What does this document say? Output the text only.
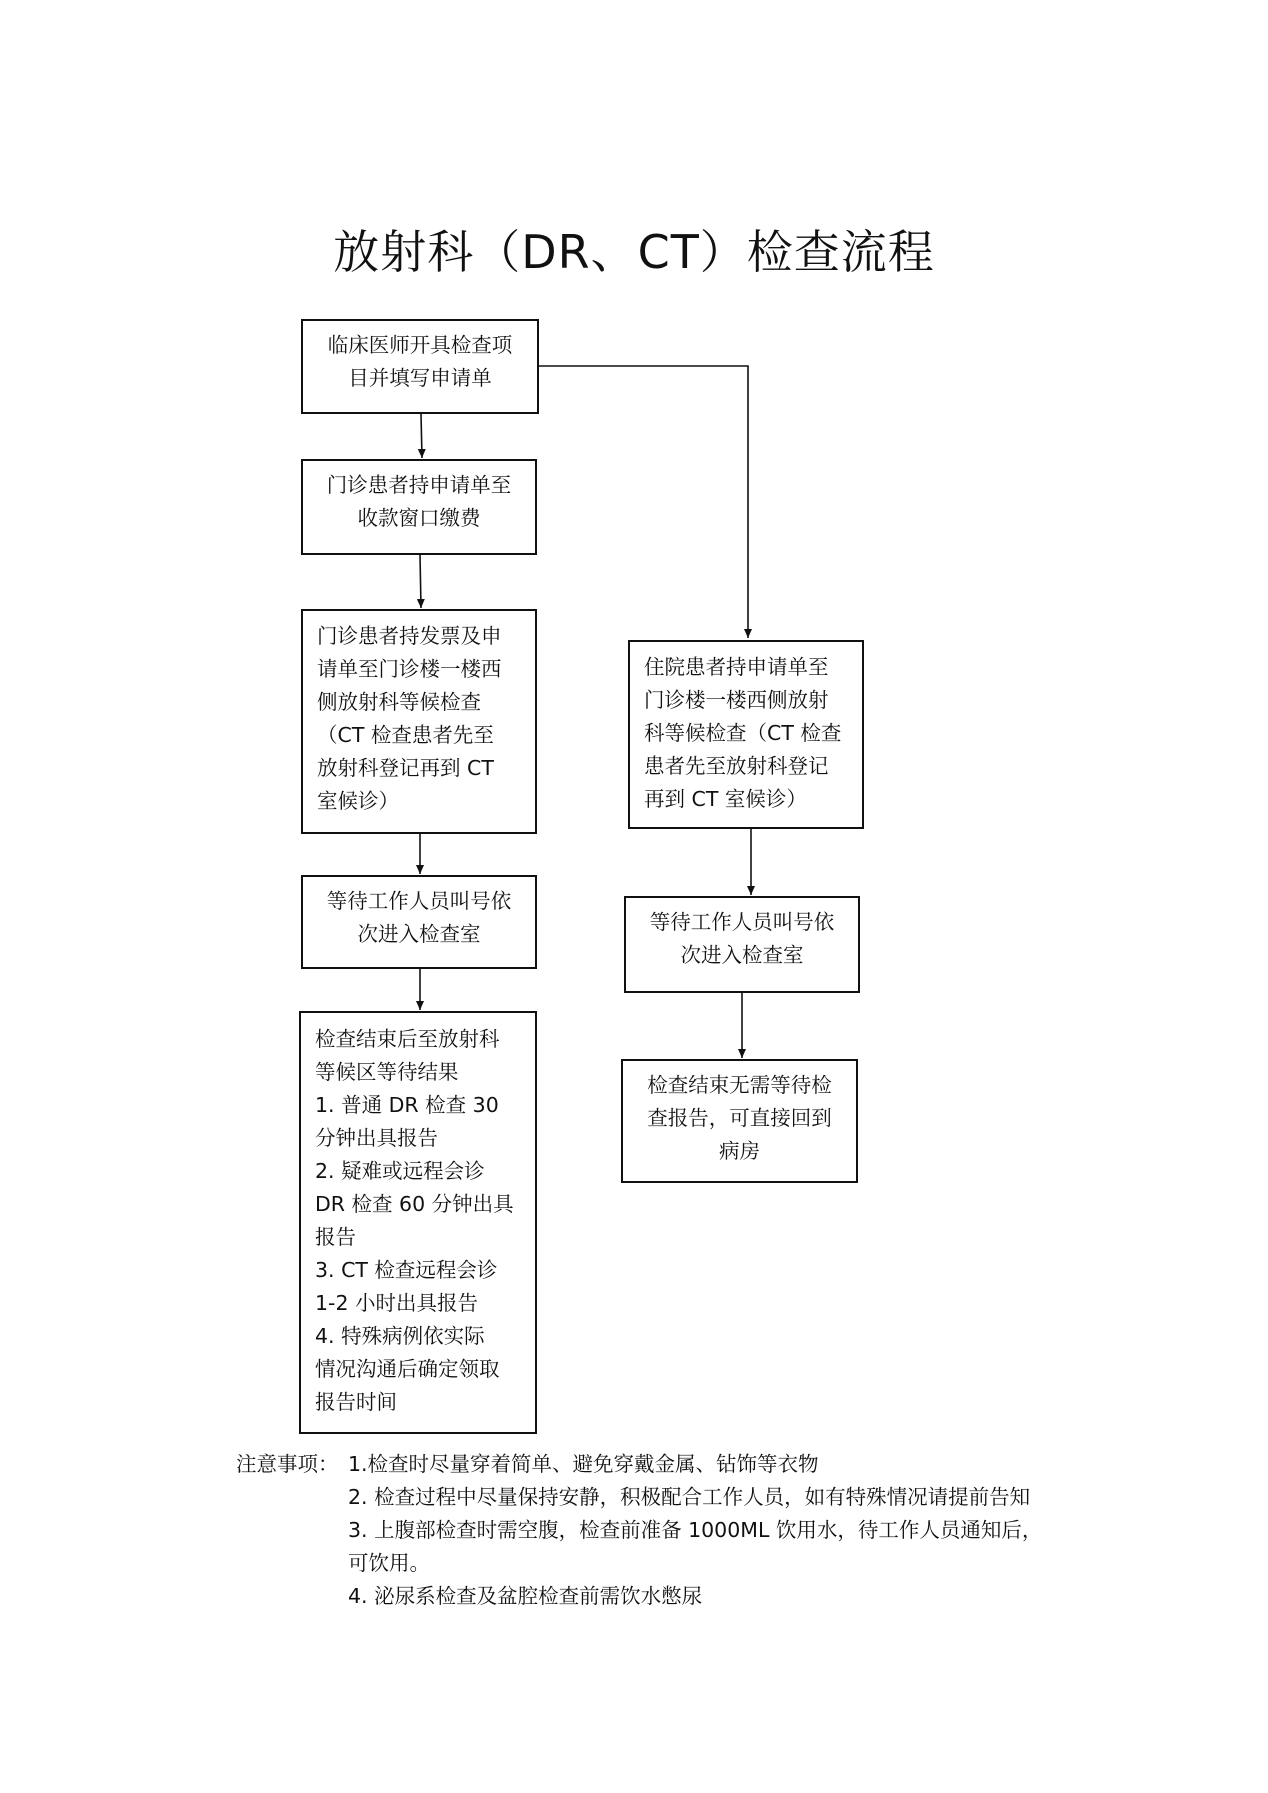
放射科（DR、CT）检查流程
临床医师开具检查项
目并填写申请单
门诊患者持申请单至
收款窗口缴费
门诊患者持发票及申
请单至门诊楼一楼西
侧放射科等候检查
（CT 检查患者先至
放射科登记再到 CT
室候诊）
等待工作人员叫号依
次进入检查室
检查结束后至放射科
等候区等待结果
1. 普通 DR 检查 30
分钟出具报告
2. 疑难或远程会诊
DR 检查 60 分钟出具
报告
3. CT 检查远程会诊
1-2 小时出具报告
4. 特殊病例依实际
情况沟通后确定领取
报告时间
住院患者持申请单至
门诊楼一楼西侧放射
科等候检查（CT 检查
患者先至放射科登记
再到 CT 室候诊）
等待工作人员叫号依
次进入检查室
检查结束无需等待检
查报告，可直接回到
病房
注意事项： 1.检查时尽量穿着简单、避免穿戴金属、钻饰等衣物
2. 检查过程中尽量保持安静，积极配合工作人员，如有特殊情况请提前告知
3. 上腹部检查时需空腹，检查前准备 1000ML 饮用水，待工作人员通知后，
可饮用。
4. 泌尿系检查及盆腔检查前需饮水憋尿
